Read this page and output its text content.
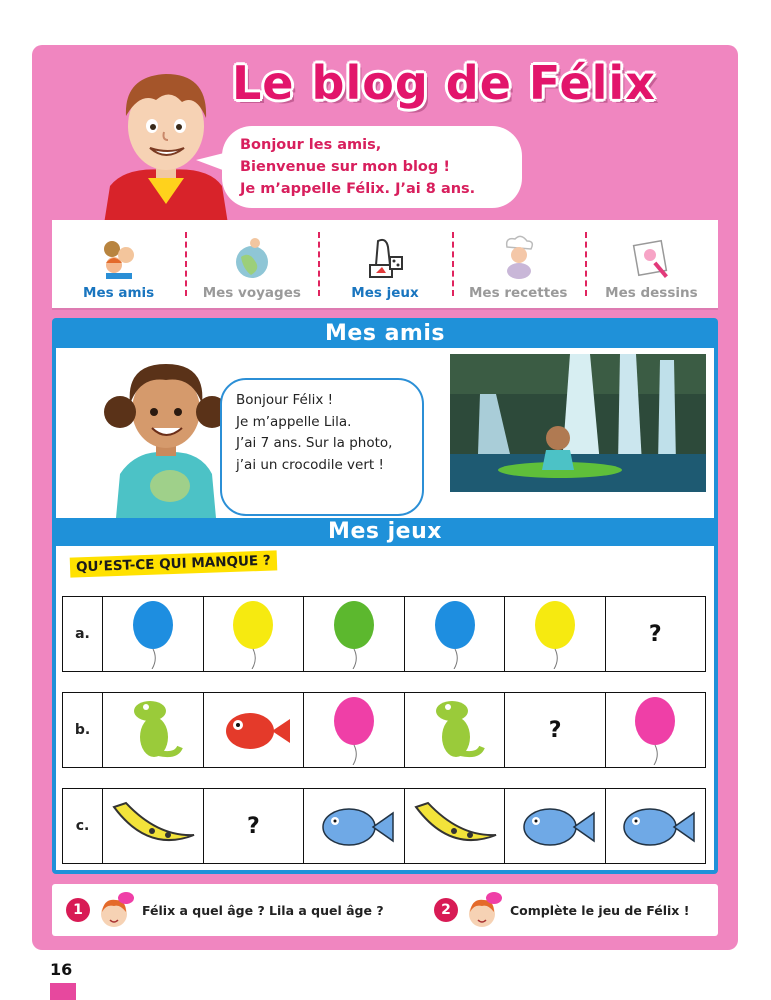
Le blog de Félix

Bonjour les amis,

Bienvenue sur mon blog !

Je m’appelle Félix. J’ai 8 ans.

Mes amis	Mes voyages	Mes jeux	Mes recettes	Mes dessins
Mes amis

Bonjour Félix !

Je m’appelle Lila.

J’ai 7 ans. Sur la photo,

j’ai un crocodile vert !

Mes jeux
QU’EST-CE QUI MANQUE ?
a.	?
b.	?
c.	?
1	Félix a quel âge ? Lila a quel âge ?	2	Complète le jeu de Félix !
16
